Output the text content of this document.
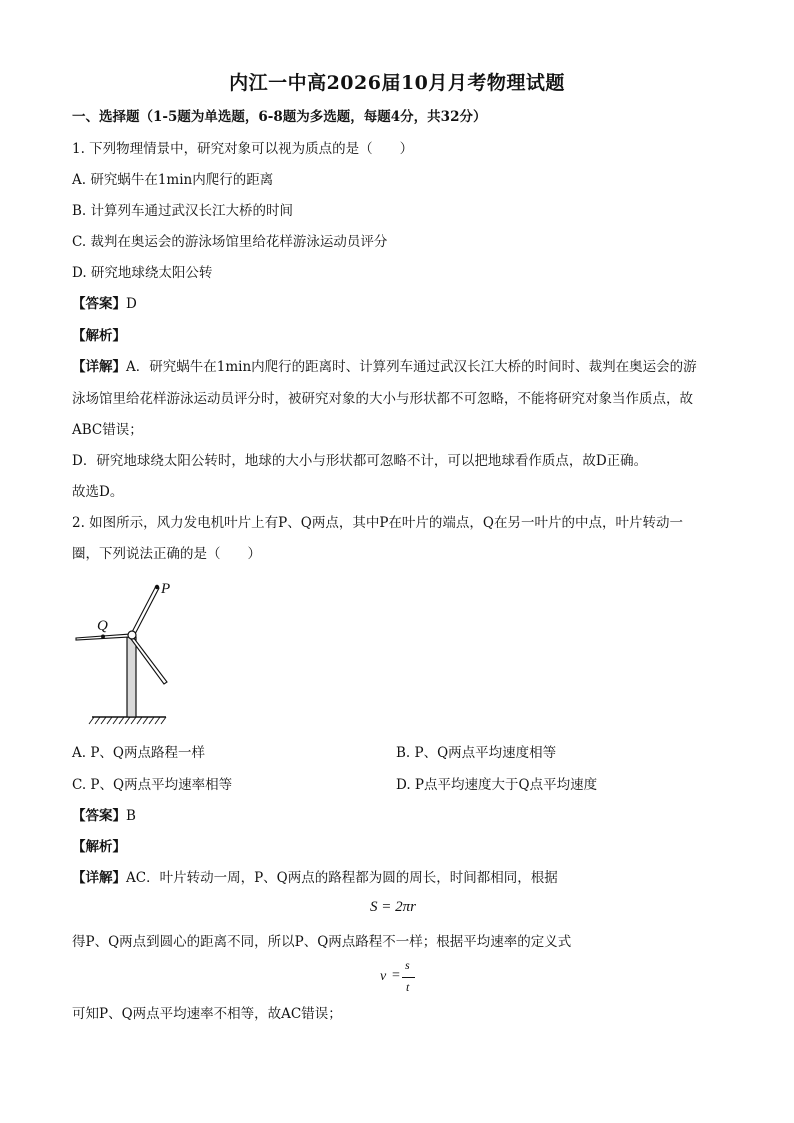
内江一中高2026届10月月考物理试题
一、选择题（1-5题为单选题，6-8题为多选题，每题4分，共32分）
1. 下列物理情景中，研究对象可以视为质点的是（　　）
A. 研究蜗牛在1min内爬行的距离
B. 计算列车通过武汉长江大桥的时间
C. 裁判在奥运会的游泳场馆里给花样游泳运动员评分
D. 研究地球绕太阳公转
【答案】D
【解析】
【详解】A．研究蜗牛在1min内爬行的距离时、计算列车通过武汉长江大桥的时间时、裁判在奥运会的游
泳场馆里给花样游泳运动员评分时，被研究对象的大小与形状都不可忽略，不能将研究对象当作质点，故
ABC错误；
D．研究地球绕太阳公转时，地球的大小与形状都可忽略不计，可以把地球看作质点，故D正确。
故选D。
2. 如图所示，风力发电机叶片上有P、Q两点，其中P在叶片的端点，Q在另一叶片的中点，叶片转动一
圈，下列说法正确的是（　　）
P
Q
A. P、Q两点路程一样	B. P、Q两点平均速度相等
C. P、Q两点平均速率相等	D. P点平均速度大于Q点平均速度
【答案】B
【解析】
【详解】AC．叶片转动一周，P、Q两点的路程都为圆的周长，时间都相同，根据
S = 2πr
得P、Q两点到圆心的距离不同，所以P、Q两点路程不一样；根据平均速率的定义式
v =
s
t
可知P、Q两点平均速率不相等，故AC错误；
